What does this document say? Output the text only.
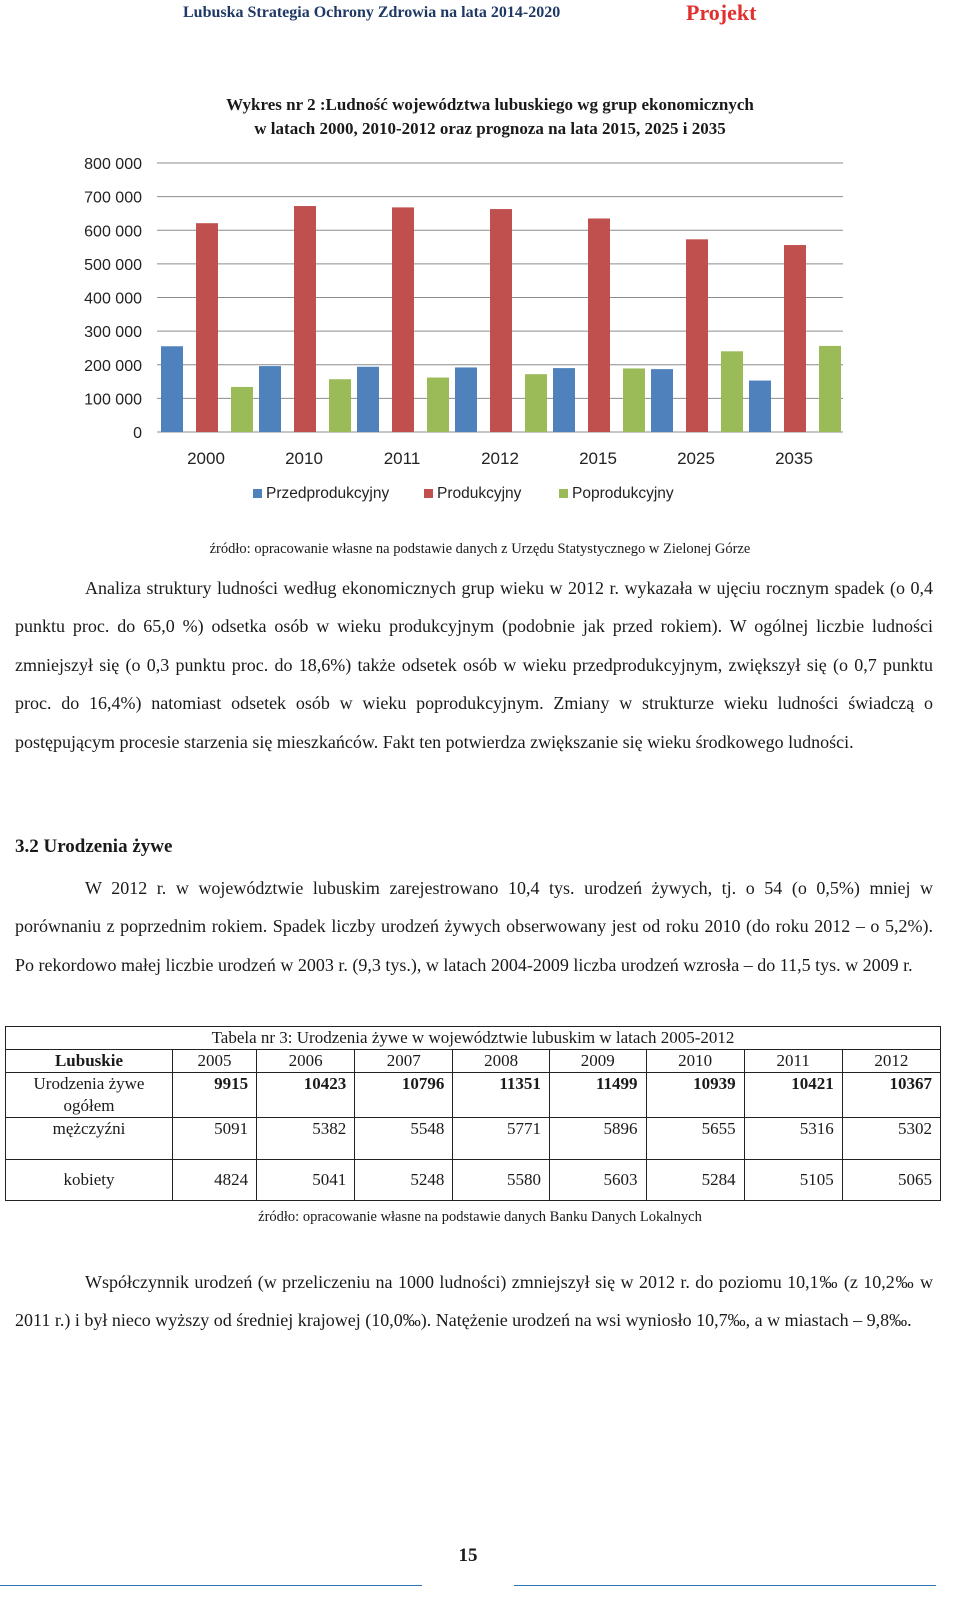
Lubuska Strategia Ochrony Zdrowia na lata 2014-2020	Projekt
Wykres nr 2 :Ludność województwa lubuskiego wg grup ekonomicznych
w latach 2000, 2010-2012 oraz prognoza na lata 2015, 2025 i 2035
0
100 000
200 000
300 000
400 000
500 000
600 000
700 000
800 000
2000	2010	2011	2012	2015	2025	2035
Przedprodukcyjny	Produkcyjny	Poprodukcyjny
źródło: opracowanie własne na podstawie danych z Urzędu Statystycznego w Zielonej Górze

Analiza struktury ludności według ekonomicznych grup wieku w 2012 r. wykazała w ujęciu rocznym spadek (o 0,4 punktu proc. do 65,0 %) odsetka osób w wieku produkcyjnym (podobnie jak przed rokiem). W ogólnej liczbie ludności zmniejszył się (o 0,3 punktu proc. do 18,6%) także odsetek osób w wieku przedprodukcyjnym, zwiększył się (o 0,7 punktu proc. do 16,4%) natomiast odsetek osób w wieku poprodukcyjnym. Zmiany w strukturze wieku ludności świadczą o postępującym procesie starzenia się mieszkańców. Fakt ten potwierdza zwiększanie się wieku środkowego ludności.

3.2 Urodzenia żywe

W 2012 r. w województwie lubuskim zarejestrowano 10,4 tys. urodzeń żywych, tj. o 54 (o 0,5%) mniej w porównaniu z poprzednim rokiem. Spadek liczby urodzeń żywych obserwowany jest od roku 2010 (do roku 2012 – o 5,2%). Po rekordowo małej liczbie urodzeń w 2003 r. (9,3 tys.), w latach 2004-2009 liczba urodzeń wzrosła – do 11,5 tys. w 2009 r.

Tabela nr 3: Urodzenia żywe w województwie lubuskim w latach 2005-2012								
Lubuskie	2005	2006	2007	2008	2009	2010	2011	2012
Urodzenia żywe ogółem	9915	10423	10796	11351	11499	10939	10421	10367
mężczyźni	5091	5382	5548	5771	5896	5655	5316	5302
kobiety	4824	5041	5248	5580	5603	5284	5105	5065
źródło: opracowanie własne na podstawie danych Banku Danych Lokalnych

Współczynnik urodzeń (w przeliczeniu na 1000 ludności) zmniejszył się w 2012 r. do poziomu 10,1‰ (z 10,2‰ w 2011 r.) i był nieco wyższy od średniej krajowej (10,0‰). Natężenie urodzeń na wsi wyniosło 10,7‰, a w miastach – 9,8‰.

15
